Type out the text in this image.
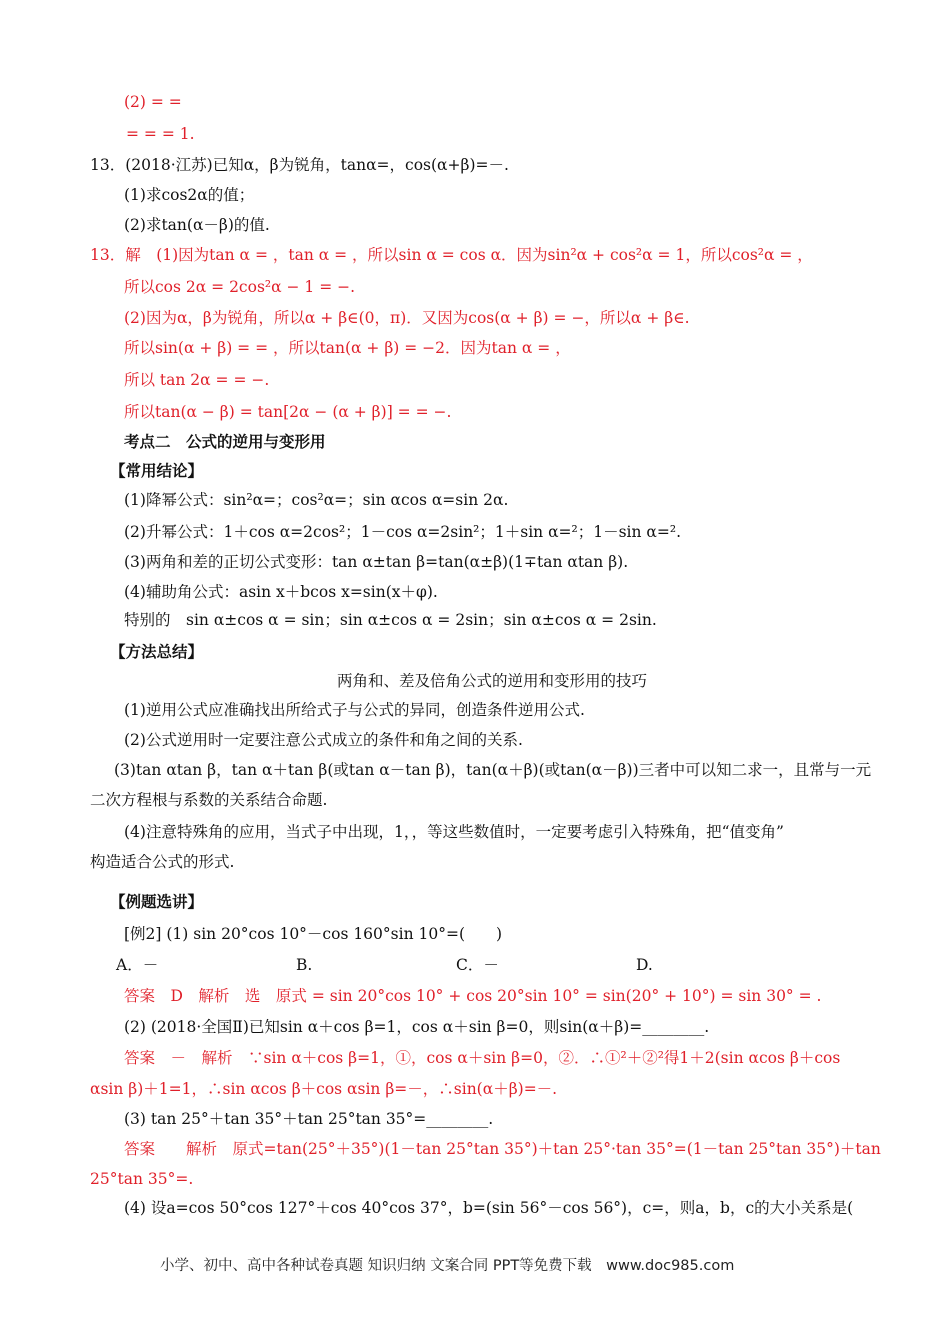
(2) = =
= = = 1.
13．(2018·江苏)已知α，β为锐角，tanα=，cos(α+β)=－.
(1)求cos2α的值；
(2)求tan(α－β)的值.
13．解　(1)因为tan α = ，tan α = ，所以sin α = cos α．因为sin²α + cos²α = 1，所以cos²α = ，
所以cos 2α = 2cos²α − 1 = −.
(2)因为α，β为锐角，所以α + β∈(0，π)．又因为cos(α + β) = −，所以α + β∈.
所以sin(α + β) = = ，所以tan(α + β) = −2．因为tan α = ，
所以 tan 2α = = −.
所以tan(α − β) = tan[2α − (α + β)] = = −.
考点二　公式的逆用与变形用
【常用结论】
(1)降幂公式：sin²α=；cos²α=；sin αcos α=sin 2α.
(2)升幂公式：1＋cos α=2cos²；1－cos α=2sin²；1＋sin α=²；1－sin α=².
(3)两角和差的正切公式变形：tan α±tan β=tan(α±β)(1∓tan αtan β).
(4)辅助角公式：asin x＋bcos x=sin(x＋φ).
特别的　sin α±cos α = sin；sin α±cos α = 2sin；sin α±cos α = 2sin.
【方法总结】
两角和、差及倍角公式的逆用和变形用的技巧
(1)逆用公式应准确找出所给式子与公式的异同，创造条件逆用公式.
(2)公式逆用时一定要注意公式成立的条件和角之间的关系.
(3)tan αtan β，tan α＋tan β(或tan α－tan β)，tan(α＋β)(或tan(α－β))三者中可以知二求一，且常与一元
二次方程根与系数的关系结合命题.
(4)注意特殊角的应用，当式子中出现，1，，等这些数值时，一定要考虑引入特殊角，把“值变角”
构造适合公式的形式.
【例题选讲】
[例2] (1) sin 20°cos 10°－cos 160°sin 10°=(　　)
A．－	B.	C．－	D.
答案　D　解析　选　原式 = sin 20°cos 10° + cos 20°sin 10° = sin(20° + 10°) = sin 30° = .
(2) (2018·全国Ⅱ)已知sin α＋cos β=1，cos α＋sin β=0，则sin(α＋β)=________.
答案　－　解析　∵sin α＋cos β=1，①，cos α＋sin β=0，②．∴①²＋②²得1＋2(sin αcos β＋cos
αsin β)＋1=1，∴sin αcos β＋cos αsin β=－，∴sin(α＋β)=－.
(3) tan 25°＋tan 35°＋tan 25°tan 35°=________.
答案　　解析　原式=tan(25°＋35°)(1－tan 25°tan 35°)＋tan 25°·tan 35°=(1－tan 25°tan 35°)＋tan
25°tan 35°=.
(4) 设a=cos 50°cos 127°＋cos 40°cos 37°，b=(sin 56°－cos 56°)，c=，则a，b，c的大小关系是(
小学、初中、高中各种试卷真题 知识归纳 文案合同 PPT等免费下载　www.doc985.com
